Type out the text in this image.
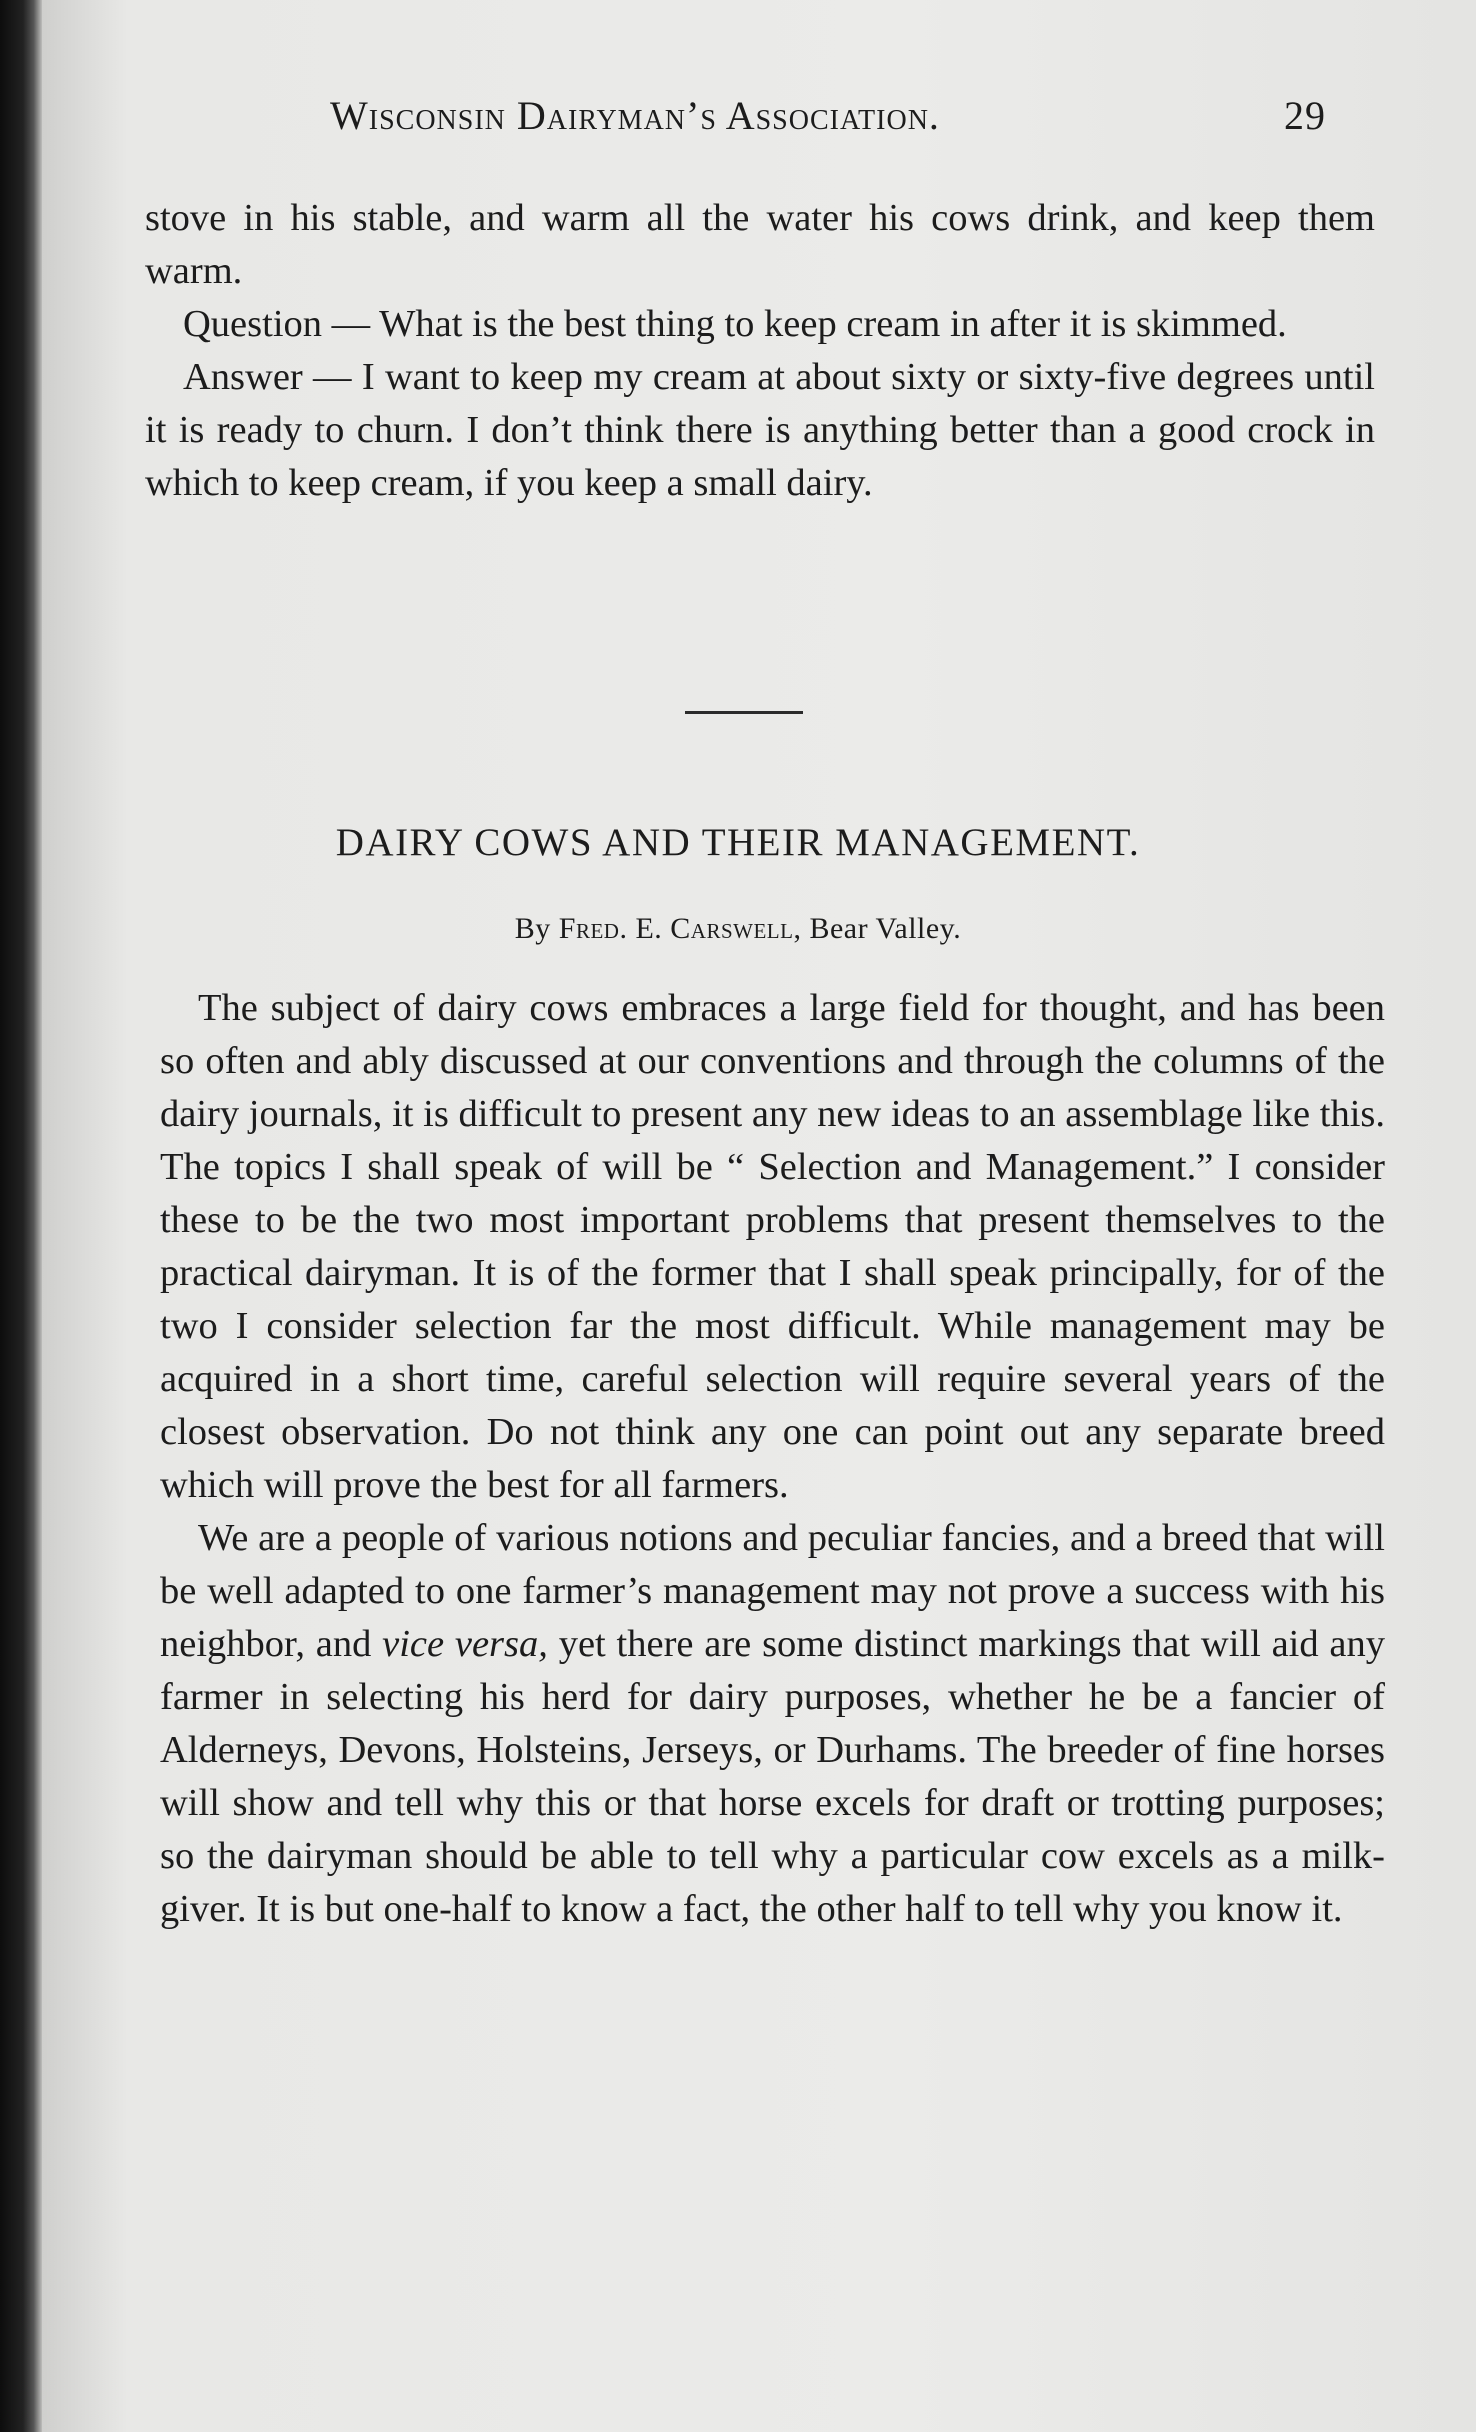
Wisconsin Dairyman’s Association.	29

stove in his stable, and warm all the water his cows drink, and keep them warm.

Question — What is the best thing to keep cream in after it is skimmed.

Answer — I want to keep my cream at about sixty or sixty-five degrees until it is ready to churn. I don’t think there is anything better than a good crock in which to keep cream, if you keep a small dairy.

DAIRY COWS AND THEIR MANAGEMENT.
By Fred. E. Carswell, Bear Valley.

The subject of dairy cows embraces a large field for thought, and has been so often and ably discussed at our conventions and through the columns of the dairy journals, it is difficult to present any new ideas to an assemblage like this. The topics I shall speak of will be “ Selection and Management.” I consider these to be the two most important problems that present themselves to the practical dairyman. It is of the former that I shall speak principally, for of the two I consider selection far the most difficult. While management may be acquired in a short time, careful selection will require several years of the closest observation. Do not think any one can point out any separate breed which will prove the best for all farmers.

We are a people of various notions and peculiar fancies, and a breed that will be well adapted to one farmer’s management may not prove a success with his neighbor, and vice versa, yet there are some distinct markings that will aid any farmer in selecting his herd for dairy purposes, whether he be a fancier of Alderneys, Devons, Holsteins, Jerseys, or Durhams. The breeder of fine horses will show and tell why this or that horse excels for draft or trotting purposes; so the dairyman should be able to tell why a particular cow excels as a milk-giver. It is but one-half to know a fact, the other half to tell why you know it.
